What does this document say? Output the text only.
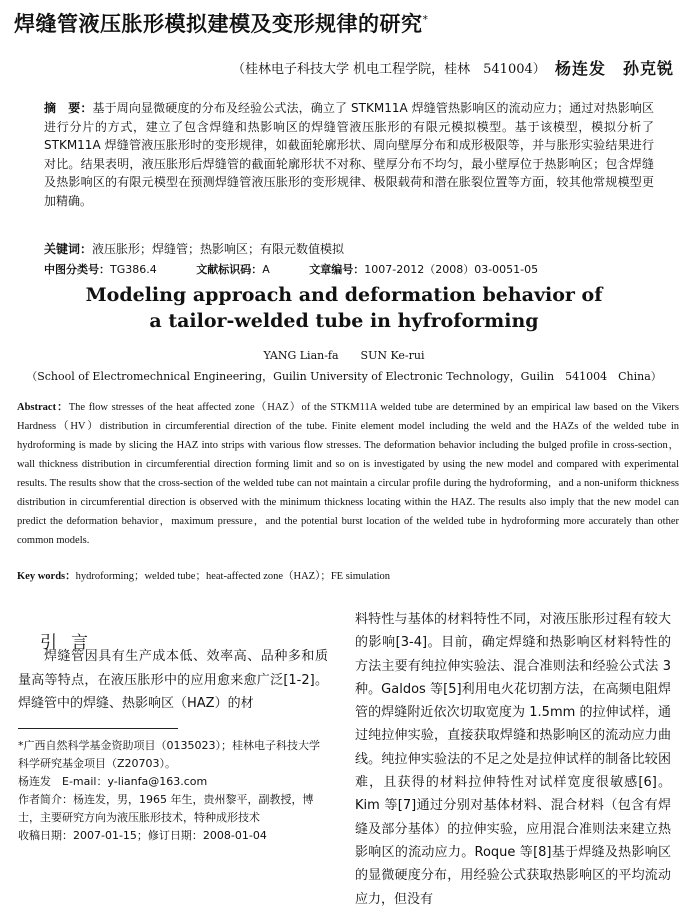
焊缝管液压胀形模拟建模及变形规律的研究*
（桂林电子科技大学 机电工程学院，桂林　541004） 杨连发　孙克锐
摘　要：基于周向显微硬度的分布及经验公式法，确立了 STKM11A 焊缝管热影响区的流动应力；通过对热影响区进行分片的方式，建立了包含焊缝和热影响区的焊缝管液压胀形的有限元模拟模型。基于该模型，模拟分析了 STKM11A 焊缝管液压胀形时的变形规律，如截面轮廓形状、周向壁厚分布和成形极限等，并与胀形实验结果进行对比。结果表明，液压胀形后焊缝管的截面轮廓形状不对称、壁厚分布不均匀，最小壁厚位于热影响区；包含焊缝及热影响区的有限元模型在预测焊缝管液压胀形的变形规律、极限载荷和潜在胀裂位置等方面，较其他常规模型更加精确。
关键词：液压胀形；焊缝管；热影响区；有限元数值模拟
中图分类号：TG386.4	文献标识码：A	文章编号：1007-2012（2008）03-0051-05
Modeling approach and deformation behavior of
a tailor-welded tube in hyfroforming
YANG Lian-fa　　SUN Ke-rui
（School of Electromechnical Engineering，Guilin University of Electronic Technology，Guilin　541004　China）
Abstract：The flow stresses of the heat affected zone（HAZ）of the STKM11A welded tube are determined by an empirical law based on the Vikers Hardness（HV）distribution in circumferential direction of the tube. Finite element model including the weld and the HAZs of the welded tube in hydroforming is made by slicing the HAZ into strips with various flow stresses. The deformation behavior including the bulged profile in cross-section，wall thickness distribution in circumferential direction forming limit and so on is investigated by using the new model and compared with experimental results. The results show that the cross-section of the welded tube can not maintain a circular profile during the hydroforming，and a non-uniform thickness distribution in circumferential direction is observed with the minimum thickness locating within the HAZ. The results also imply that the new model can predict the deformation behavior，maximum pressure，and the potential burst location of the welded tube in hydroforming more accurately than other common models.
Key words：hydroforming；welded tube；heat-affected zone（HAZ）；FE simulation
引言

焊缝管因具有生产成本低、效率高、品种多和质量高等特点，在液压胀形中的应用愈来愈广泛[1-2]。焊缝管中的焊缝、热影响区（HAZ）的材

*广西自然科学基金资助项目（0135023）；桂林电子科技大学科学研究基金项目（Z20703）。
杨连发　E-mail：y-lianfa@163.com
作者简介：杨连发，男，1965 年生，贵州黎平，副教授，博士，主要研究方向为液压胀形技术，特种成形技术
收稿日期：2007-01-15；修订日期：2008-01-04

料特性与基体的材料特性不同，对液压胀形过程有较大的影响[3-4]。目前，确定焊缝和热影响区材料特性的方法主要有纯拉伸实验法、混合准则法和经验公式法 3 种。Galdos 等[5]利用电火花切割方法，在高频电阻焊管的焊缝附近依次切取宽度为 1.5mm 的拉伸试样，通过纯拉伸实验，直接获取焊缝和热影响区的流动应力曲线。纯拉伸实验法的不足之处是拉伸试样的制备比较困难，且获得的材料拉伸特性对试样宽度很敏感[6]。Kim 等[7]通过分别对基体材料、混合材料（包含有焊缝及部分基体）的拉伸实验，应用混合准则法来建立热影响区的流动应力。Roque 等[8]基于焊缝及热影响区的显微硬度分布，用经验公式获取热影响区的平均流动应力，但没有
